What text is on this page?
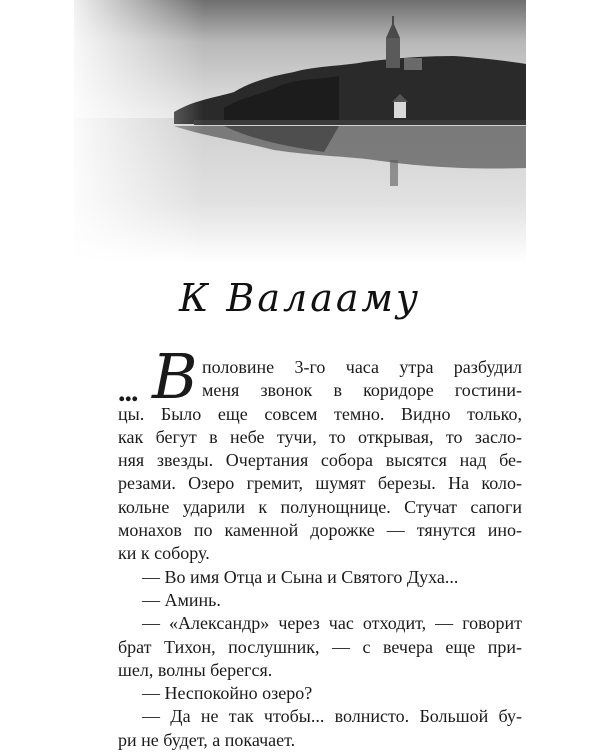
К Валааму
... В половине 3-го часа утра разбудил
меня звонок в коридоре гостини-
цы. Было еще совсем темно. Видно только,
как бегут в небе тучи, то открывая, то засло-
няя звезды. Очертания собора высятся над бе-
резами. Озеро гремит, шумят березы. На коло-
кольне ударили к полунощнице. Стучат сапоги
монахов по каменной дорожке — тянутся ино-
ки к собору.
— Во имя Отца и Сына и Святого Духа...
— Аминь.
— «Александр» через час отходит, — говорит
брат Тихон, послушник, — с вечера еще при-
шел, волны берегся.
— Неспокойно озеро?
— Да не так чтобы... волнисто. Большой бу-
ри не будет, а покачает.
